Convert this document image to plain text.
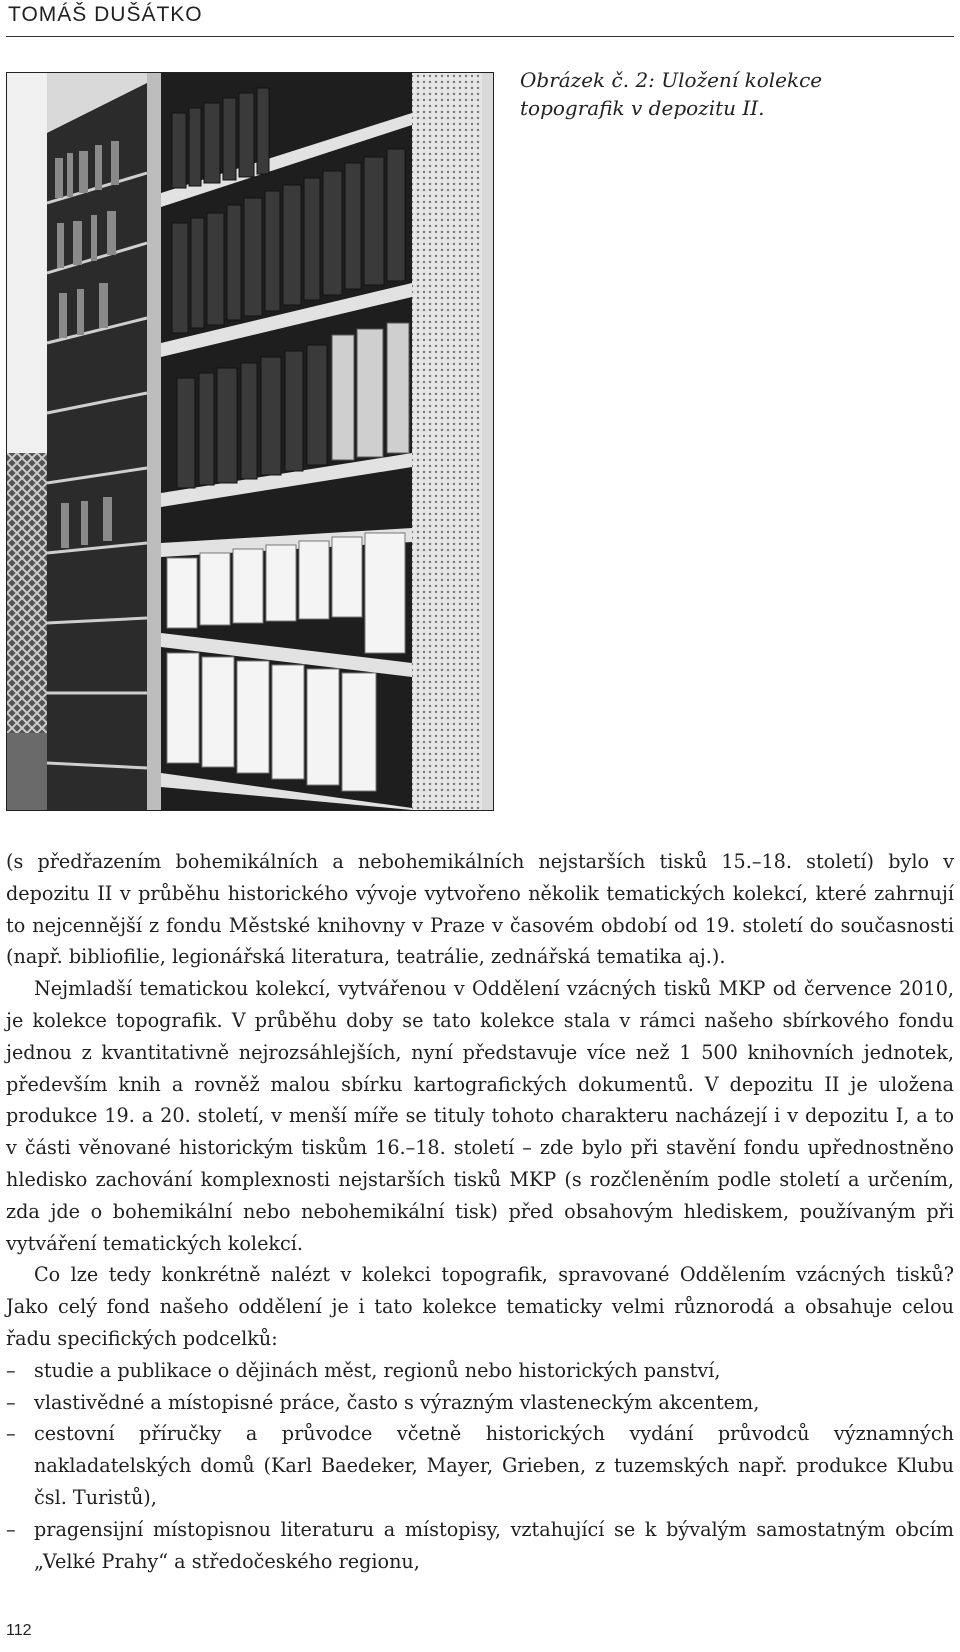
TOMÁŠ DUŠÁTKO
Obrázek č. 2: Uložení kolekce topografik v depozitu II.

(s předřazením bohemikálních a nebohemikálních nejstarších tisků 15.–18. století) bylo v depozitu II v průběhu historického vývoje vytvořeno několik tematických kolekcí, které zahrnují to nejcennější z fondu Městské knihovny v Praze v časovém období od 19. století do současnosti (např. bibliofilie, legionářská literatura, teatrálie, zednářská tematika aj.).

Nejmladší tematickou kolekcí, vytvářenou v Oddělení vzácných tisků MKP od července 2010, je kolekce topografik. V průběhu doby se tato kolekce stala v rámci našeho sbírkového fondu jednou z kvantitativně nejrozsáhlejších, nyní představuje více než 1 500 knihovních jednotek, především knih a rovněž malou sbírku kartografických dokumentů. V depozitu II je uložena produkce 19. a 20. století, v menší míře se tituly tohoto charakteru nacházejí i v depozitu I, a to v části věnované historickým tiskům 16.–18. století – zde bylo při stavění fondu upřednostněno hledisko zachování komplexnosti nejstarších tisků MKP (s rozčleněním podle století a určením, zda jde o bohemikální nebo nebohemikální tisk) před obsahovým hlediskem, používaným při vytváření tematických kolekcí.

Co lze tedy konkrétně nalézt v kolekci topografik, spravované Oddělením vzácných tisků? Jako celý fond našeho oddělení je i tato kolekce tematicky velmi různorodá a obsahuje celou řadu specifických podcelků:

– studie a publikace o dějinách měst, regionů nebo historických panství,
– vlastivědné a místopisné práce, často s výrazným vlasteneckým akcentem,
– cestovní příručky a průvodce včetně historických vydání průvodců významných nakladatelských domů (Karl Baedeker, Mayer, Grieben, z tuzemských např. produkce Klubu čsl. Turistů),
– pragensijní místopisnou literaturu a místopisy, vztahující se k bývalým samostatným obcím „Velké Prahy“ a středočeského regionu,
112
